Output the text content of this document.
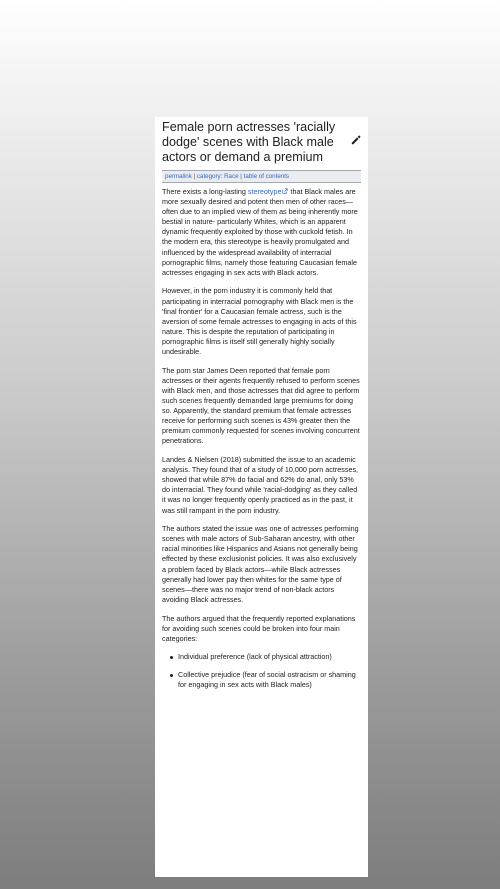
Female porn actresses 'racially dodge' scenes with Black male actors or demand a premium
permalink | category: Race | table of contents

There exists a long-lasting stereotype that Black males are more sexually desired and potent then men of other races—often due to an implied view of them as being inherently more bestial in nature- particularly Whites, which is an apparent dynamic frequently exploited by those with cuckold fetish. In the modern era, this stereotype is heavily promulgated and influenced by the widespread availability of interracial pornographic films, namely those featuring Caucasian female actresses engaging in sex acts with Black actors.

However, in the porn industry it is commonly held that participating in interracial pornography with Black men is the 'final frontier' for a Caucasian female actress, such is the aversion of some female actresses to engaging in acts of this nature. This is despite the reputation of participating in pornographic films is itself still generally highly socially undesirable.

The porn star James Deen reported that female porn actresses or their agents frequently refused to perform scenes with Black men, and those actresses that did agree to perform such scenes frequently demanded large premiums for doing so. Apparently, the standard premium that female actresses receive for performing such scenes is 43% greater then the premium commonly requested for scenes involving concurrent penetrations.

Landes & Nielsen (2018) submitted the issue to an academic analysis. They found that of a study of 10,000 porn actresses, showed that while 87% do facial and 62% do anal, only 53% do interracial. They found while 'racial-dodging' as they called it was no longer frequently openly practiced as in the past, it was still rampant in the porn industry.

The authors stated the issue was one of actresses performing scenes with male actors of Sub-Saharan ancestry, with other racial minorities like Hispanics and Asians not generally being effected by these exclusionist policies. It was also exclusively a problem faced by Black actors—while Black actresses generally had lower pay then whites for the same type of scenes—there was no major trend of non-black actors avoiding Black actresses.

The authors argued that the frequently reported explanations for avoiding such scenes could be broken into four main categories:

Individual preference (lack of physical attraction)
Collective prejudice (fear of social ostracism or shaming for engaging in sex acts with Black males)
